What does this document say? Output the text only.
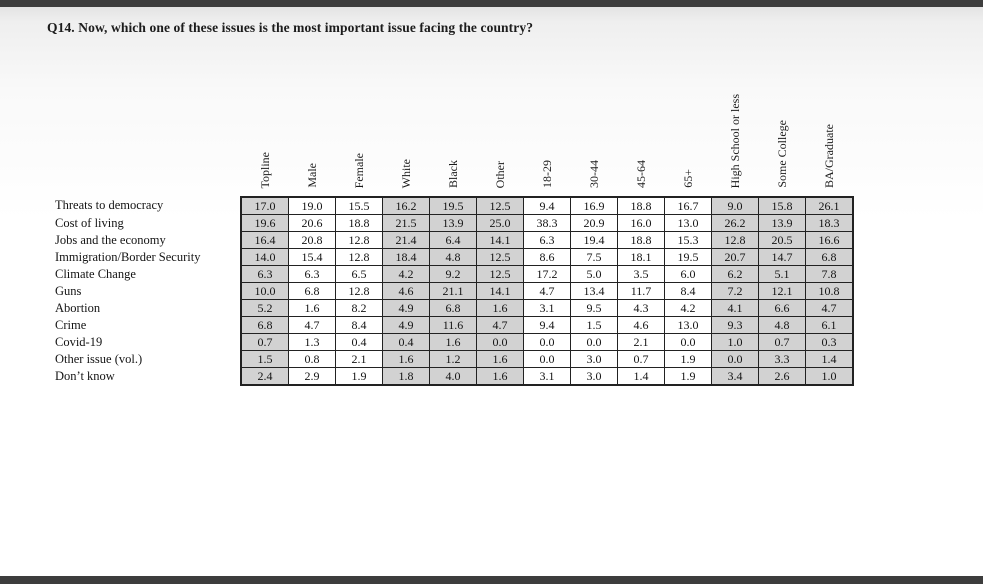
Q14. Now, which one of these issues is the most important issue facing the country?
	Topline	Male	Female	White	Black	Other	18-29	30-44	45-64	65+	High School or less	Some College	BA/Graduate
Threats to democracy	17.0	19.0	15.5	16.2	19.5	12.5	9.4	16.9	18.8	16.7	9.0	15.8	26.1
Cost of living	19.6	20.6	18.8	21.5	13.9	25.0	38.3	20.9	16.0	13.0	26.2	13.9	18.3
Jobs and the economy	16.4	20.8	12.8	21.4	6.4	14.1	6.3	19.4	18.8	15.3	12.8	20.5	16.6
Immigration/Border Security	14.0	15.4	12.8	18.4	4.8	12.5	8.6	7.5	18.1	19.5	20.7	14.7	6.8
Climate Change	6.3	6.3	6.5	4.2	9.2	12.5	17.2	5.0	3.5	6.0	6.2	5.1	7.8
Guns	10.0	6.8	12.8	4.6	21.1	14.1	4.7	13.4	11.7	8.4	7.2	12.1	10.8
Abortion	5.2	1.6	8.2	4.9	6.8	1.6	3.1	9.5	4.3	4.2	4.1	6.6	4.7
Crime	6.8	4.7	8.4	4.9	11.6	4.7	9.4	1.5	4.6	13.0	9.3	4.8	6.1
Covid-19	0.7	1.3	0.4	0.4	1.6	0.0	0.0	0.0	2.1	0.0	1.0	0.7	0.3
Other issue (vol.)	1.5	0.8	2.1	1.6	1.2	1.6	0.0	3.0	0.7	1.9	0.0	3.3	1.4
Don’t know	2.4	2.9	1.9	1.8	4.0	1.6	3.1	3.0	1.4	1.9	3.4	2.6	1.0
